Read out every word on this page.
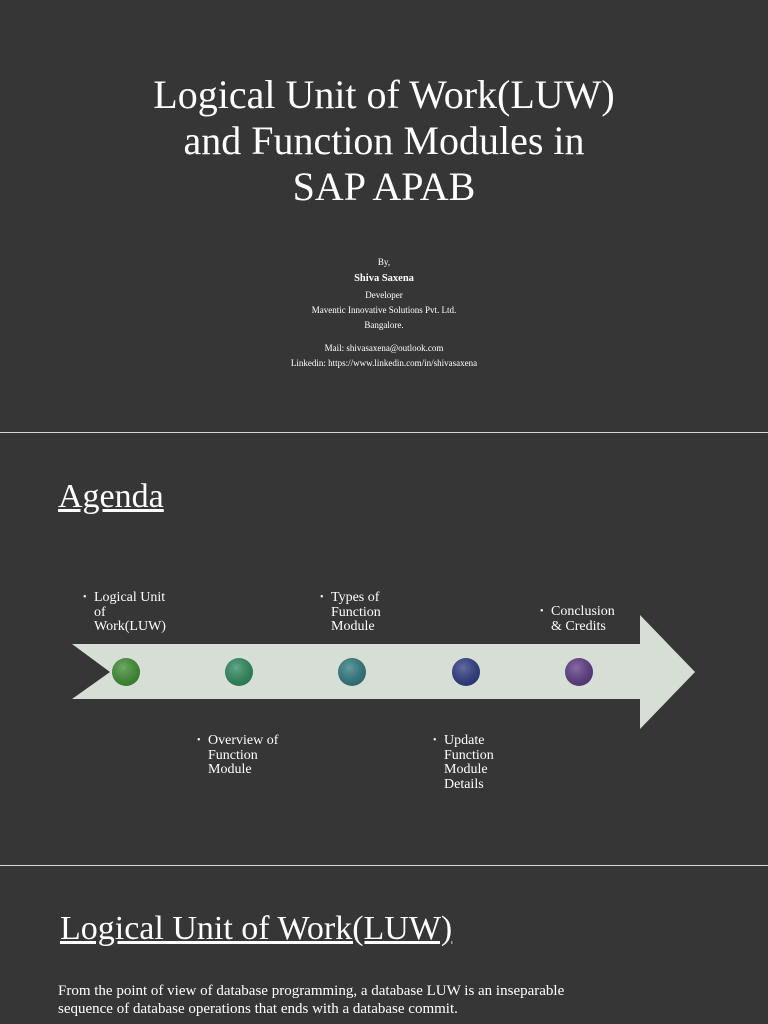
Logical Unit of Work(LUW)
and Function Modules in
SAP APAB
By,
Shiva Saxena
Developer
Maventic Innovative Solutions Pvt. Ltd.
Bangalore.
Mail: shivasaxena@outlook.com
Linkedin: https://www.linkedin.com/in/shivasaxena
Agenda
• Logical Unit
of
Work(LUW)
• Overview of
Function
Module
• Types of
Function
Module
• Update
Function
Module
Details
• Conclusion
& Credits
Logical Unit of Work(LUW)
From the point of view of database programming, a database LUW is an inseparable
sequence of database operations that ends with a database commit.
